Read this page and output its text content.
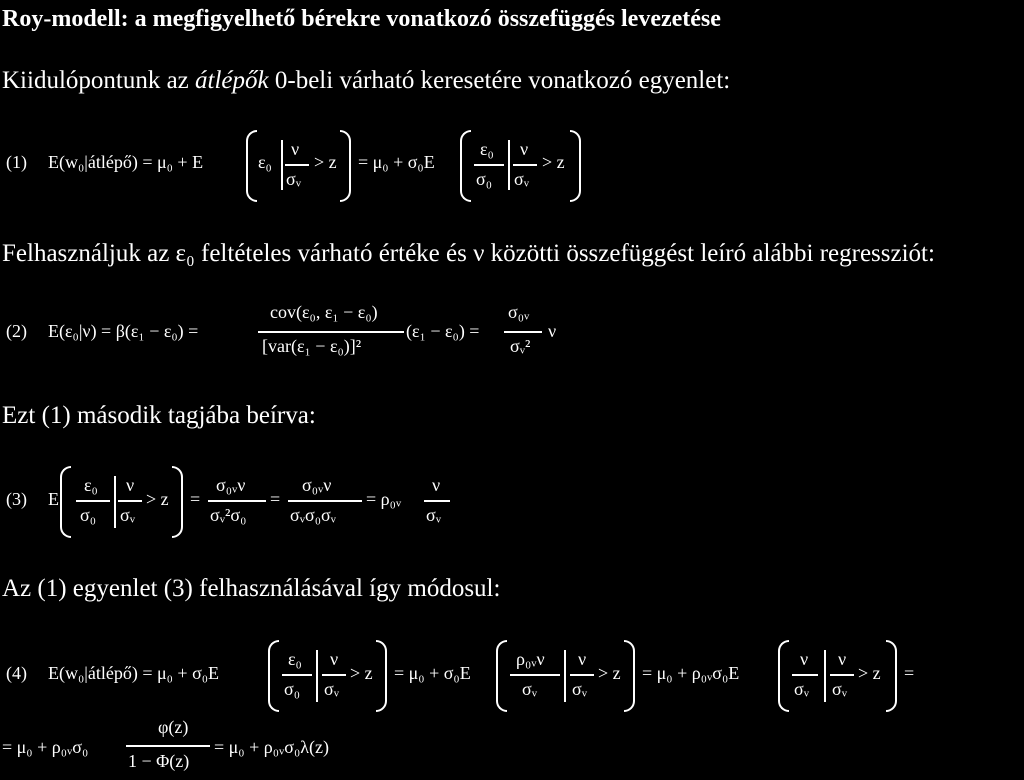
Roy-modell: a megfigyelhető bérekre vonatkozó összefüggés levezetése
Kiidulópontunk az átlépők 0-beli várható keresetére vonatkozó egyenlet:
(1) E(w₀|átlépő) = μ₀ + E	ε₀
ν
σᵥ
> z = μ₀ + σ₀E
ε₀
σ₀
ν
σᵥ
> z
Felhasználjuk az ε₀ feltételes várható értéke és ν közötti összefüggést leíró alábbi regressziót:
(2) E(ε₀|ν) = β(ε₁ − ε₀) =
cov(ε₀, ε₁ − ε₀)
[var(ε₁ − ε₀)]²
(ε₁ − ε₀) =
σ₀ᵥ
σᵥ²
ν
Ezt (1) második tagjába beírva:
(3) E
ε₀
σ₀
ν
σᵥ
> z =
σ₀ᵥν
σᵥ²σ₀
=
σ₀ᵥν
σᵥσ₀σᵥ
= ρ₀ᵥ
ν
σᵥ
Az (1) egyenlet (3) felhasználásával így módosul:
(4) E(w₀|átlépő) = μ₀ + σ₀E
ε₀
σ₀
ν
σᵥ
> z = μ₀ + σ₀E
ρ₀ᵥν
σᵥ
ν
σᵥ
> z = μ₀ + ρ₀ᵥσ₀E
ν
σᵥ
ν
σᵥ
> z =
= μ₀ + ρ₀ᵥσ₀
φ(z)
1 − Φ(z)
= μ₀ + ρ₀ᵥσ₀λ(z)
